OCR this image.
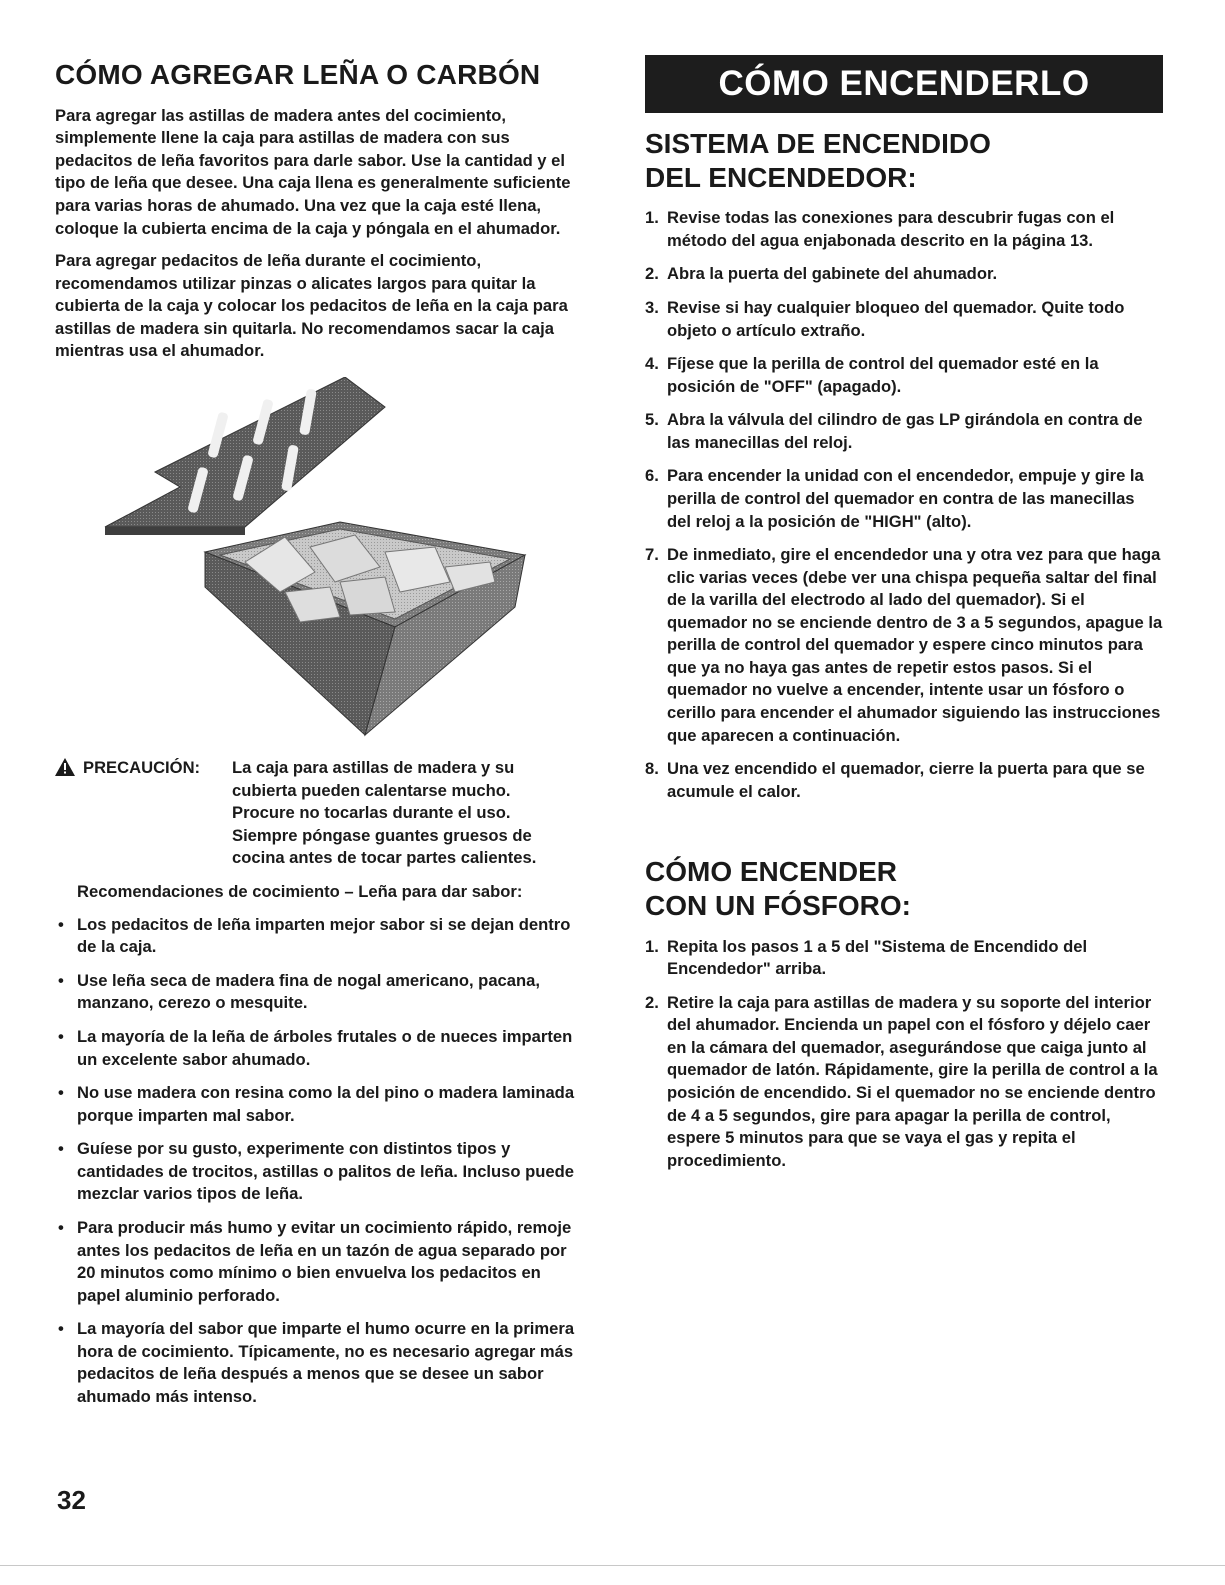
CÓMO AGREGAR LEÑA O CARBÓN

Para agregar las astillas de madera antes del cocimiento, simplemente llene la caja para astillas de madera con sus pedacitos de leña favoritos para darle sabor. Use la cantidad y el tipo de leña que desee. Una caja llena es generalmente suficiente para varias horas de ahumado. Una vez que la caja esté llena, coloque la cubierta encima de la caja y póngala en el ahumador.

Para agregar pedacitos de leña durante el cocimiento, recomendamos utilizar pinzas o alicates largos para quitar la cubierta de la caja y colocar los pedacitos de leña en la caja para astillas de madera sin quitarla. No recomendamos sacar la caja mientras usa el ahumador.

PRECAUCIÓN: La caja para astillas de madera y su cubierta pueden calentarse mucho. Procure no tocarlas durante el uso. Siempre póngase guantes gruesos de cocina antes de tocar partes calientes.

Recomendaciones de cocimiento – Leña para dar sabor:

• Los pedacitos de leña imparten mejor sabor si se dejan dentro de la caja.
• Use leña seca de madera fina de nogal americano, pacana, manzano, cerezo o mesquite.
• La mayoría de la leña de árboles frutales o de nueces imparten un excelente sabor ahumado.
• No use madera con resina como la del pino o madera laminada porque imparten mal sabor.
• Guíese por su gusto, experimente con distintos tipos y cantidades de trocitos, astillas o palitos de leña. Incluso puede mezclar varios tipos de leña.
• Para producir más humo y evitar un cocimiento rápido, remoje antes los pedacitos de leña en un tazón de agua separado por 20 minutos como mínimo o bien envuelva los pedacitos en papel aluminio perforado.
• La mayoría del sabor que imparte el humo ocurre en la primera hora de cocimiento. Típicamente, no es necesario agregar más pedacitos de leña después a menos que se desee un sabor ahumado más intenso.
CÓMO ENCENDERLO
SISTEMA DE ENCENDIDO
DEL ENCENDEDOR:
1. Revise todas las conexiones para descubrir fugas con el método del agua enjabonada descrito en la página 13.
2. Abra la puerta del gabinete del ahumador.
3. Revise si hay cualquier bloqueo del quemador. Quite todo objeto o artículo extraño.
4. Fíjese que la perilla de control del quemador esté en la posición de "OFF" (apagado).
5. Abra la válvula del cilindro de gas LP girándola en contra de las manecillas del reloj.
6. Para encender la unidad con el encendedor, empuje y gire la perilla de control del quemador en contra de las manecillas del reloj a la posición de "HIGH" (alto).
7. De inmediato, gire el encendedor una y otra vez para que haga clic varias veces (debe ver una chispa pequeña saltar del final de la varilla del electrodo al lado del quemador). Si el quemador no se enciende dentro de 3 a 5 segundos, apague la perilla de control del quemador y espere cinco minutos para que ya no haya gas antes de repetir estos pasos. Si el quemador no vuelve a encender, intente usar un fósforo o cerillo para encender el ahumador siguiendo las instrucciones que aparecen a continuación.
8. Una vez encendido el quemador, cierre la puerta para que se acumule el calor.
CÓMO ENCENDER
CON UN FÓSFORO:
1. Repita los pasos 1 a 5 del "Sistema de Encendido del Encendedor" arriba.
2. Retire la caja para astillas de madera y su soporte del interior del ahumador. Encienda un papel con el fósforo y déjelo caer en la cámara del quemador, asegurándose que caiga junto al quemador de latón. Rápidamente, gire la perilla de control a la posición de encendido. Si el quemador no se enciende dentro de 4 a 5 segundos, gire para apagar la perilla de control, espere 5 minutos para que se vaya el gas y repita el procedimiento.
32
